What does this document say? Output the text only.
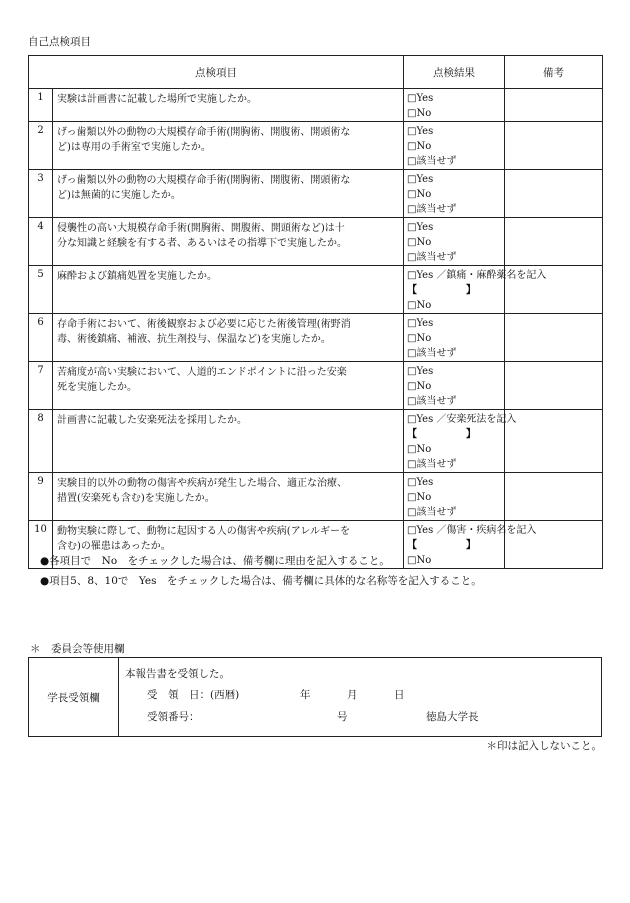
自己点検項目
点検項目		点検結果	備考
1	実験は計画書に記載した場所で実施したか。	□Yes
□No	

2	げっ歯類以外の動物の大規模存命手術(開胸術、開腹術、開頭術な
ど)は専用の手術室で実施したか。	□Yes
□No
□該当せず	

3	げっ歯類以外の動物の大規模存命手術(開胸術、開腹術、開頭術な
ど)は無菌的に実施したか。	□Yes
□No
□該当せず	

4	侵襲性の高い大規模存命手術(開胸術、開腹術、開頭術など)は十
分な知識と経験を有する者、あるいはその指導下で実施したか。	□Yes
□No
□該当せず	

5	麻酔および鎮痛処置を実施したか。	□Yes ／鎮痛・麻酔薬名を記入
【 】
□No	

6	存命手術において、術後観察および必要に応じた術後管理(術野消
毒、術後鎮痛、補液、抗生剤投与、保温など)を実施したか。	□Yes
□No
□該当せず	

7	苦痛度が高い実験において、人道的エンドポイントに沿った安楽
死を実施したか。	□Yes
□No
□該当せず	

8	計画書に記載した安楽死法を採用したか。	□Yes ／安楽死法を記入
【 】
□No
□該当せず	

9	実験目的以外の動物の傷害や疾病が発生した場合、適正な治療、
措置(安楽死も含む)を実施したか。	□Yes
□No
□該当せず	

10	動物実験に際して、動物に起因する人の傷害や疾病(アレルギーを
含む)の罹患はあったか。	□Yes ／傷害・疾病名を記入
【 】
□No	

●各項目で　No　をチェックした場合は、備考欄に理由を記入すること。
●項目5、8、10で　Yes　をチェックした場合は、備考欄に具体的な名称等を記入すること。
＊　委員会等使用欄
学長受領欄	
本報告書を受領した。
受　領　日：(西暦)	年	月	日
受領番号：	号	徳島大学長
＊印は記入しないこと。
